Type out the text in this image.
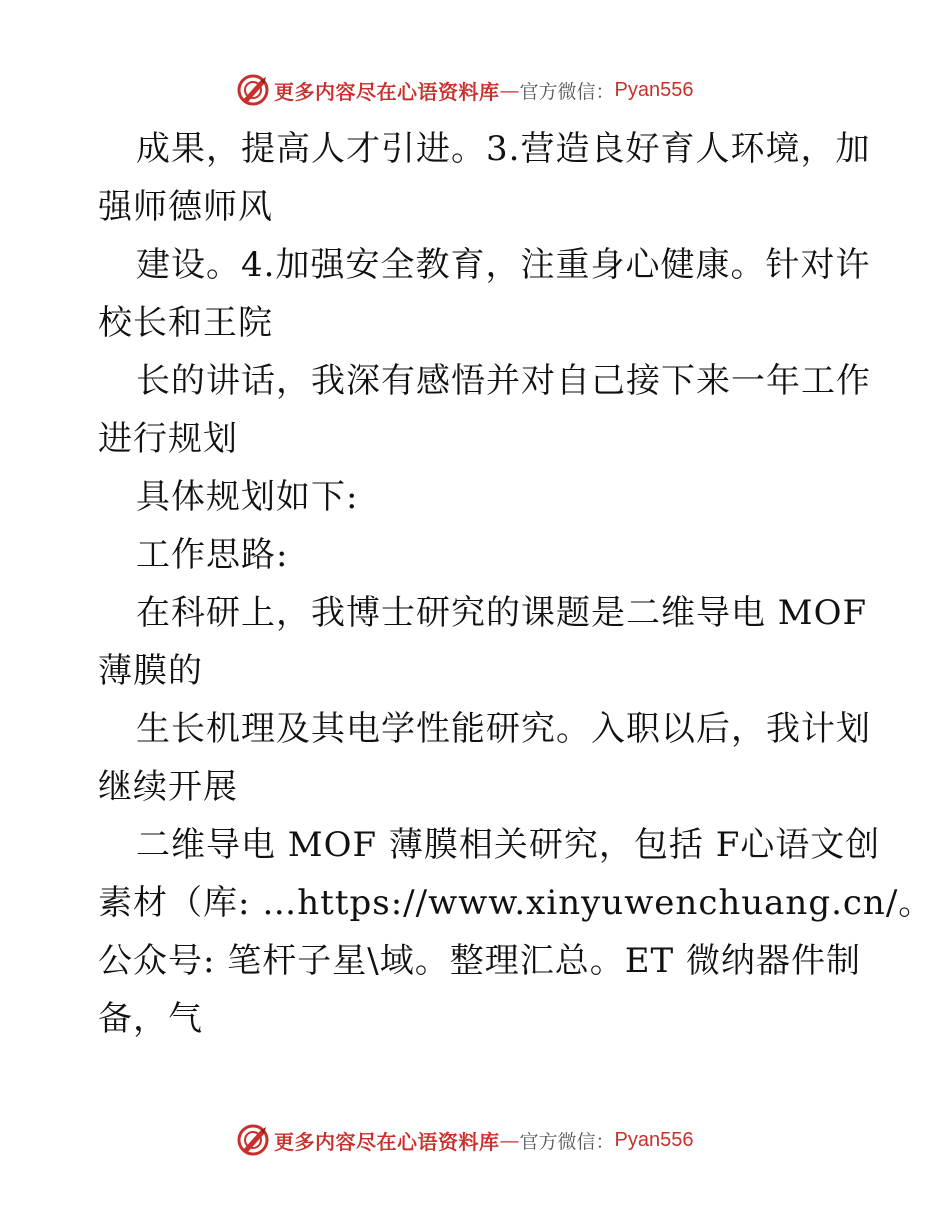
更多内容尽在心语资料库 — 官方微信： Pyan556
成果，提高人才引进。3.营造良好育人环境，加
强师德师风
建设。4.加强安全教育，注重身心健康。针对许
校长和王院
长的讲话，我深有感悟并对自己接下来一年工作
进行规划
具体规划如下:
工作思路:
在科研上，我博士研究的课题是二维导电 MOF
薄膜的
生长机理及其电学性能研究。入职以后，我计划
继续开展
二维导电 MOF 薄膜相关研究，包括 F心语文创
素材（库: …https://www.xinyuwenchuang.cn/。
公众号: 笔杆子星\域。整理汇总。ET 微纳器件制
备，气
更多内容尽在心语资料库 — 官方微信： Pyan556
